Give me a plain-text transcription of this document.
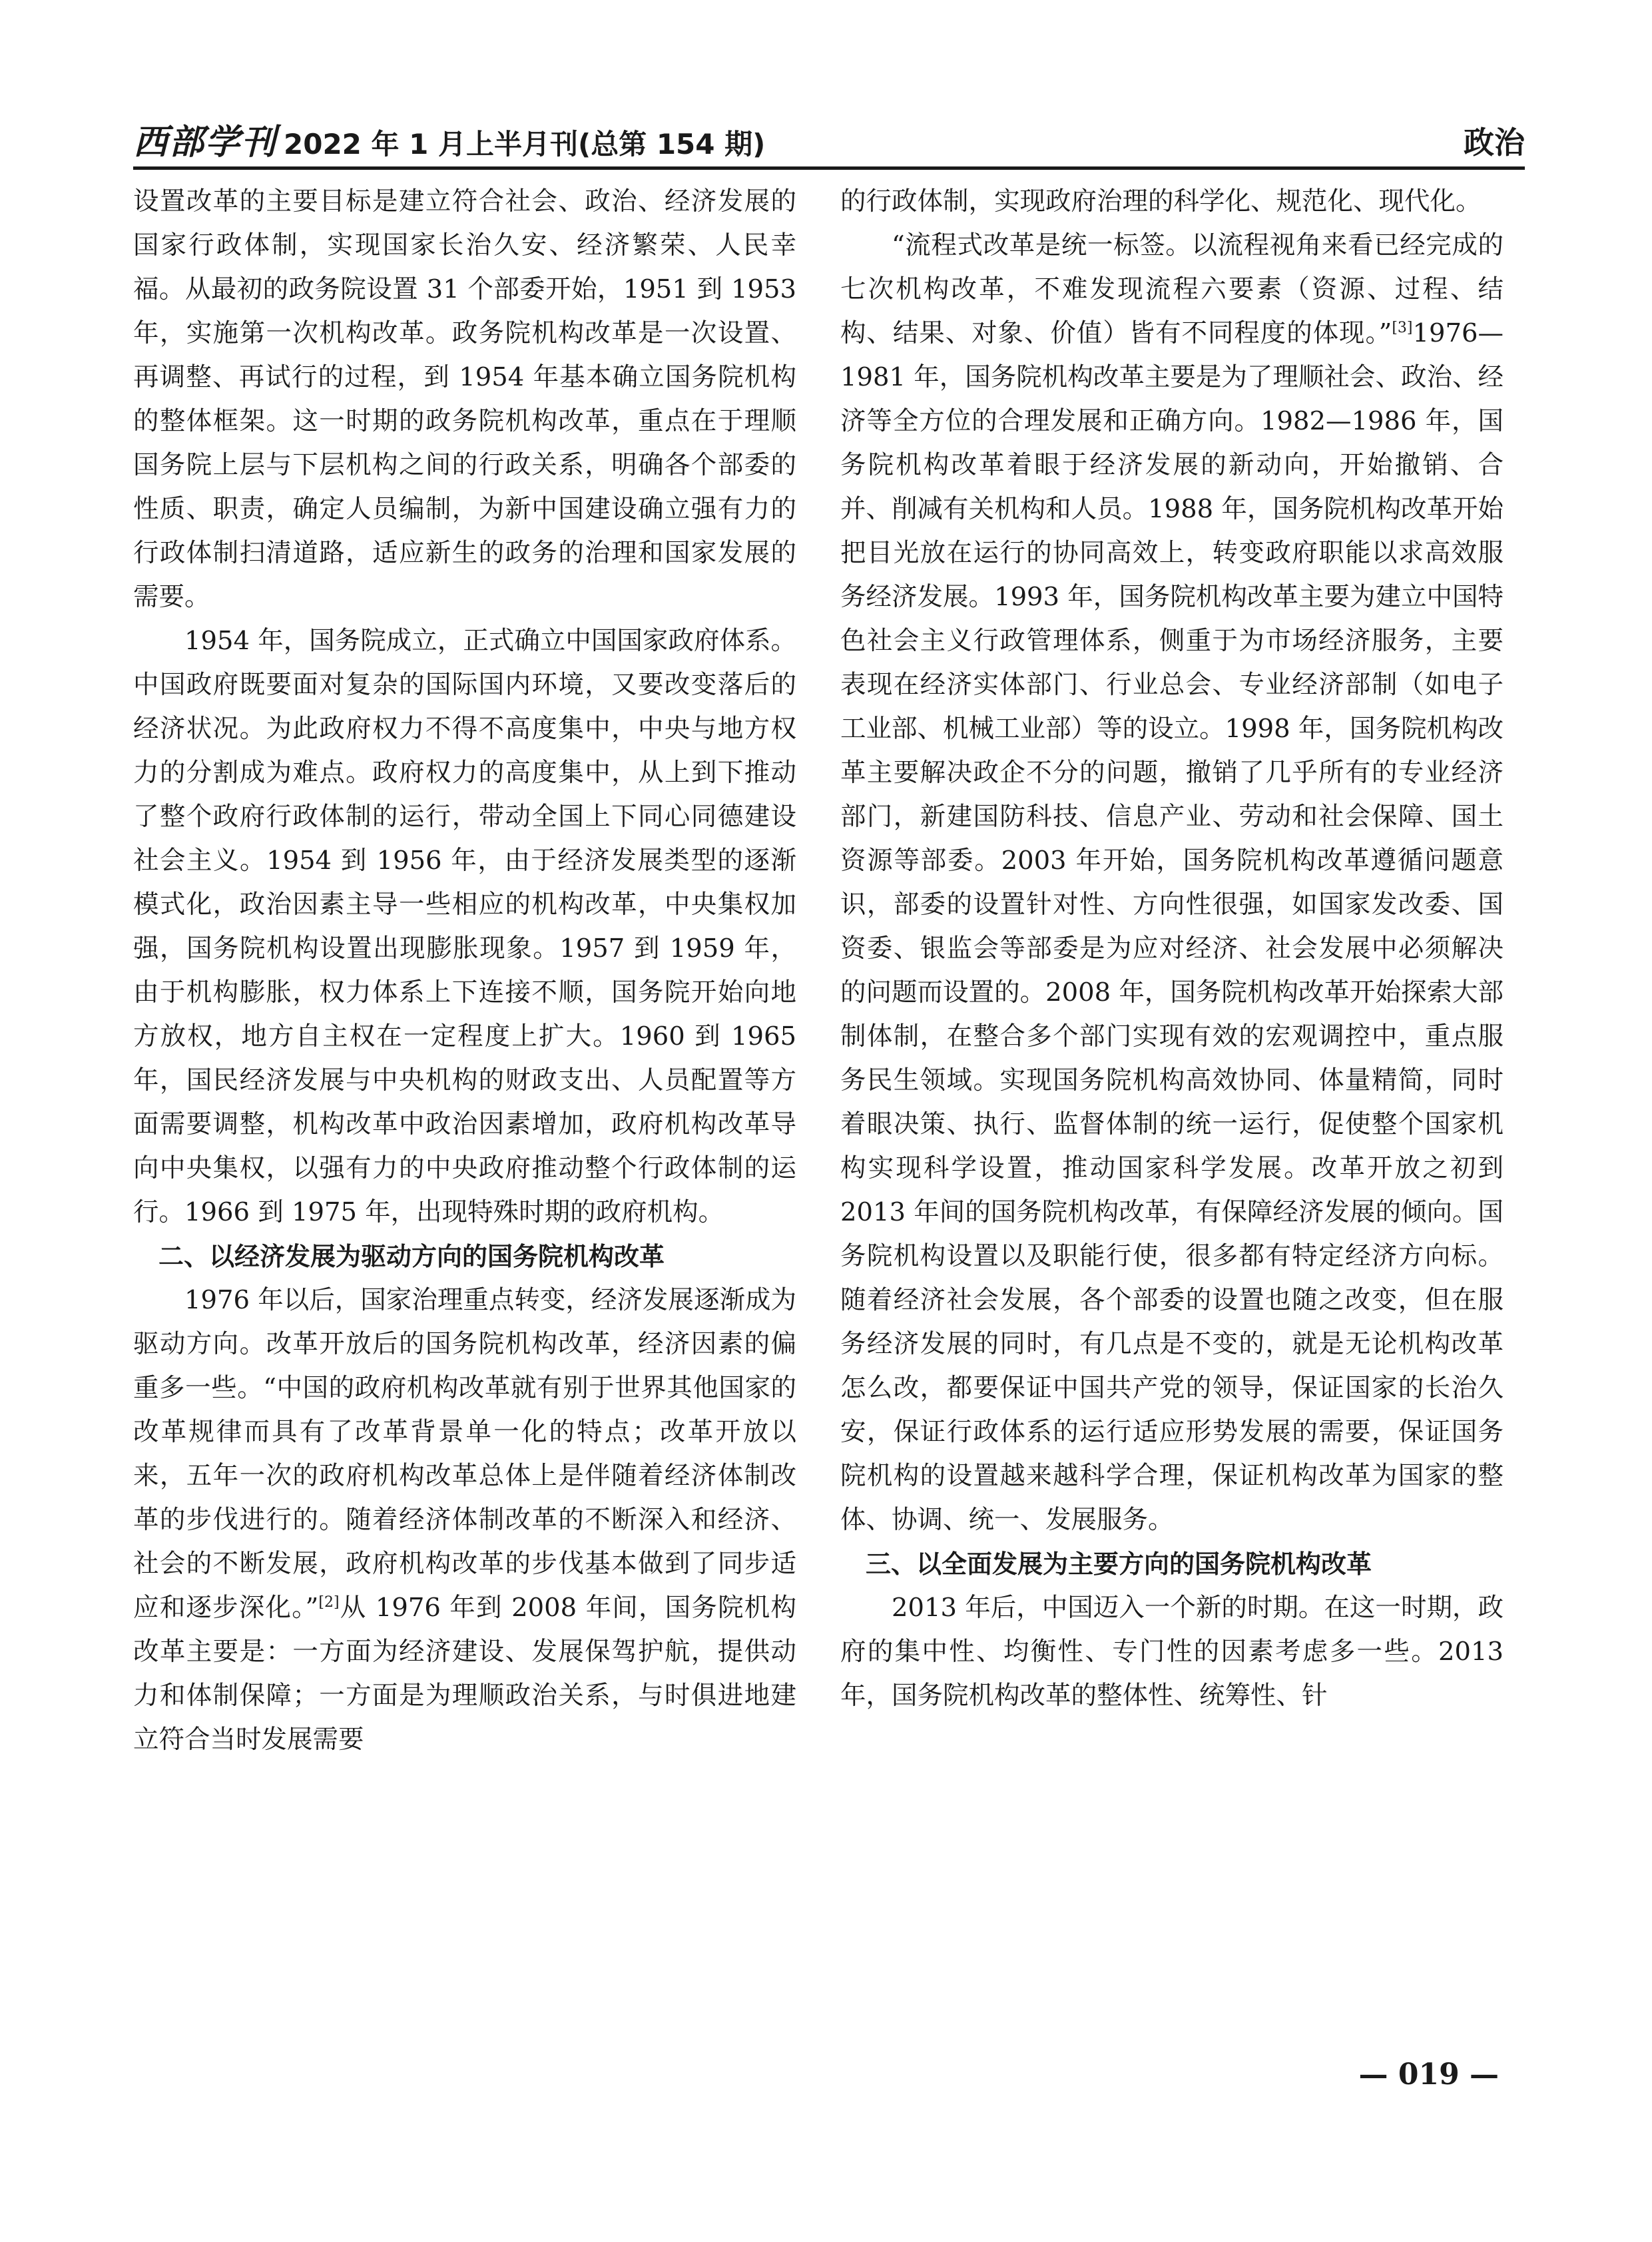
西部学刊 2022 年 1 月上半月刊(总第 154 期)	政治

设置改革的主要目标是建立符合社会、政治、经济发展的国家行政体制，实现国家长治久安、经济繁荣、人民幸福。从最初的政务院设置 31 个部委开始，1951 到 1953 年，实施第一次机构改革。政务院机构改革是一次设置、再调整、再试行的过程，到 1954 年基本确立国务院机构的整体框架。这一时期的政务院机构改革，重点在于理顺国务院上层与下层机构之间的行政关系，明确各个部委的性质、职责，确定人员编制，为新中国建设确立强有力的行政体制扫清道路，适应新生的政务的治理和国家发展的需要。

1954 年，国务院成立，正式确立中国国家政府体系。中国政府既要面对复杂的国际国内环境，又要改变落后的经济状况。为此政府权力不得不高度集中，中央与地方权力的分割成为难点。政府权力的高度集中，从上到下推动了整个政府行政体制的运行，带动全国上下同心同德建设社会主义。1954 到 1956 年，由于经济发展类型的逐渐模式化，政治因素主导一些相应的机构改革，中央集权加强，国务院机构设置出现膨胀现象。1957 到 1959 年，由于机构膨胀，权力体系上下连接不顺，国务院开始向地方放权，地方自主权在一定程度上扩大。1960 到 1965 年，国民经济发展与中央机构的财政支出、人员配置等方面需要调整，机构改革中政治因素增加，政府机构改革导向中央集权，以强有力的中央政府推动整个行政体制的运行。1966 到 1975 年，出现特殊时期的政府机构。

二、以经济发展为驱动方向的国务院机构改革

1976 年以后，国家治理重点转变，经济发展逐渐成为驱动方向。改革开放后的国务院机构改革，经济因素的偏重多一些。“中国的政府机构改革就有别于世界其他国家的改革规律而具有了改革背景单一化的特点；改革开放以来，五年一次的政府机构改革总体上是伴随着经济体制改革的步伐进行的。随着经济体制改革的不断深入和经济、社会的不断发展，政府机构改革的步伐基本做到了同步适应和逐步深化。”[2]从 1976 年到 2008 年间，国务院机构改革主要是：一方面为经济建设、发展保驾护航，提供动力和体制保障；一方面是为理顺政治关系，与时俱进地建立符合当时发展需要

的行政体制，实现政府治理的科学化、规范化、现代化。

“流程式改革是统一标签。以流程视角来看已经完成的七次机构改革，不难发现流程六要素（资源、过程、结构、结果、对象、价值）皆有不同程度的体现。”[3]1976—1981 年，国务院机构改革主要是为了理顺社会、政治、经济等全方位的合理发展和正确方向。1982—1986 年，国务院机构改革着眼于经济发展的新动向，开始撤销、合并、削减有关机构和人员。1988 年，国务院机构改革开始把目光放在运行的协同高效上，转变政府职能以求高效服务经济发展。1993 年，国务院机构改革主要为建立中国特色社会主义行政管理体系，侧重于为市场经济服务，主要表现在经济实体部门、行业总会、专业经济部制（如电子工业部、机械工业部）等的设立。1998 年，国务院机构改革主要解决政企不分的问题，撤销了几乎所有的专业经济部门，新建国防科技、信息产业、劳动和社会保障、国土资源等部委。2003 年开始，国务院机构改革遵循问题意识，部委的设置针对性、方向性很强，如国家发改委、国资委、银监会等部委是为应对经济、社会发展中必须解决的问题而设置的。2008 年，国务院机构改革开始探索大部制体制，在整合多个部门实现有效的宏观调控中，重点服务民生领域。实现国务院机构高效协同、体量精简，同时着眼决策、执行、监督体制的统一运行，促使整个国家机构实现科学设置，推动国家科学发展。改革开放之初到 2013 年间的国务院机构改革，有保障经济发展的倾向。国务院机构设置以及职能行使，很多都有特定经济方向标。随着经济社会发展，各个部委的设置也随之改变，但在服务经济发展的同时，有几点是不变的，就是无论机构改革怎么改，都要保证中国共产党的领导，保证国家的长治久安，保证行政体系的运行适应形势发展的需要，保证国务院机构的设置越来越科学合理，保证机构改革为国家的整体、协调、统一、发展服务。

三、以全面发展为主要方向的国务院机构改革

2013 年后，中国迈入一个新的时期。在这一时期，政府的集中性、均衡性、专门性的因素考虑多一些。2013 年，国务院机构改革的整体性、统筹性、针

— 019 —
